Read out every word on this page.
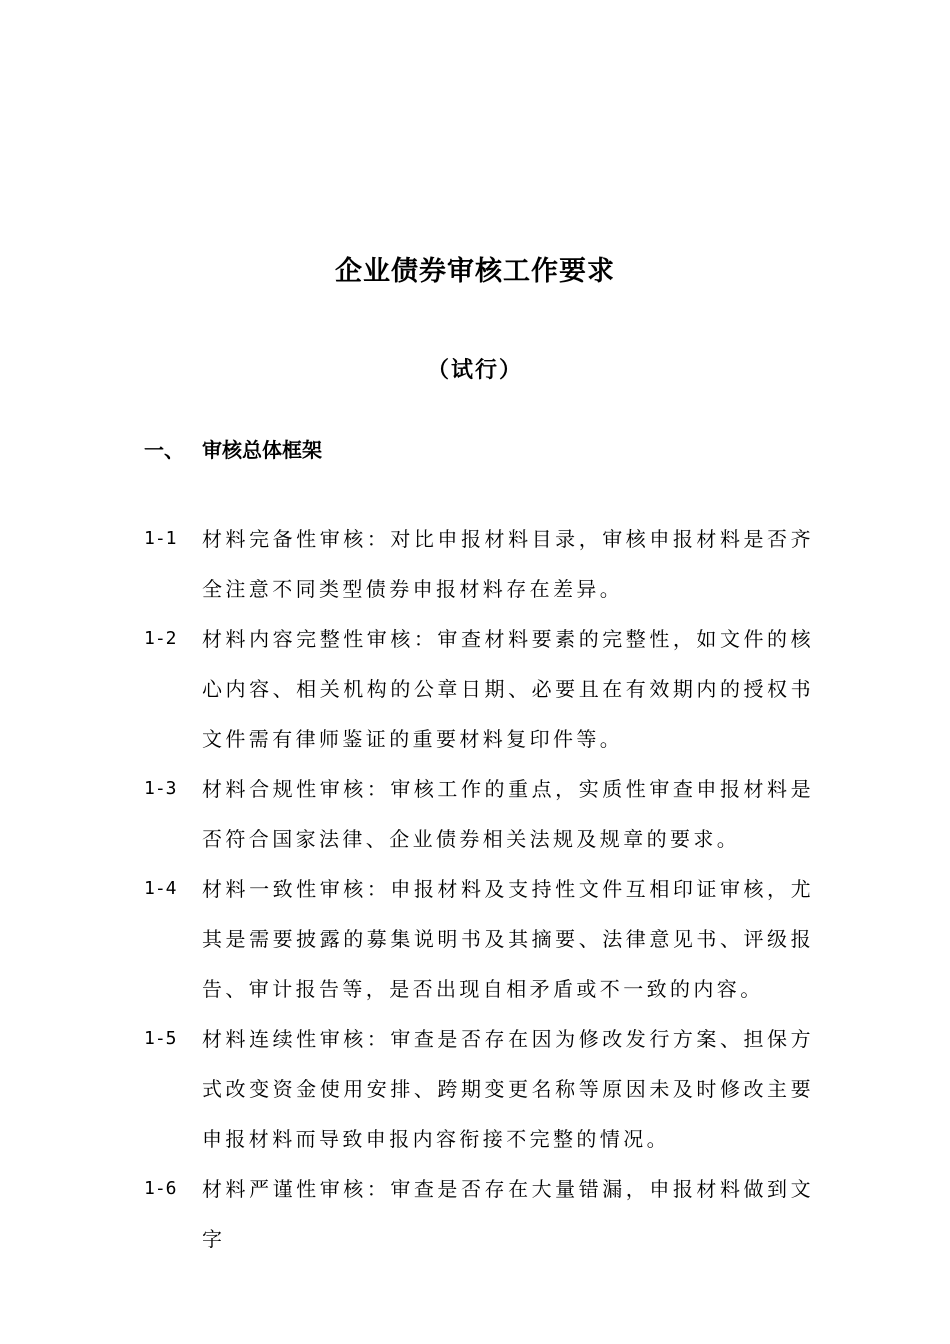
企业债券审核工作要求
（试行）
一、 审核总体框架
1-1 材料完备性审核：对比申报材料目录，审核申报材料是否齐全注意不同类型债券申报材料存在差异。
1-2 材料内容完整性审核：审查材料要素的完整性，如文件的核心内容、相关机构的公章日期、必要且在有效期内的授权书文件需有律师鉴证的重要材料复印件等。
1-3 材料合规性审核：审核工作的重点，实质性审查申报材料是否符合国家法律、企业债券相关法规及规章的要求。
1-4 材料一致性审核：申报材料及支持性文件互相印证审核，尤其是需要披露的募集说明书及其摘要、法律意见书、评级报告、审计报告等，是否出现自相矛盾或不一致的内容。
1-5 材料连续性审核：审查是否存在因为修改发行方案、担保方式改变资金使用安排、跨期变更名称等原因未及时修改主要申报材料而导致申报内容衔接不完整的情况。
1-6 材料严谨性审核：审查是否存在大量错漏，申报材料做到文字
